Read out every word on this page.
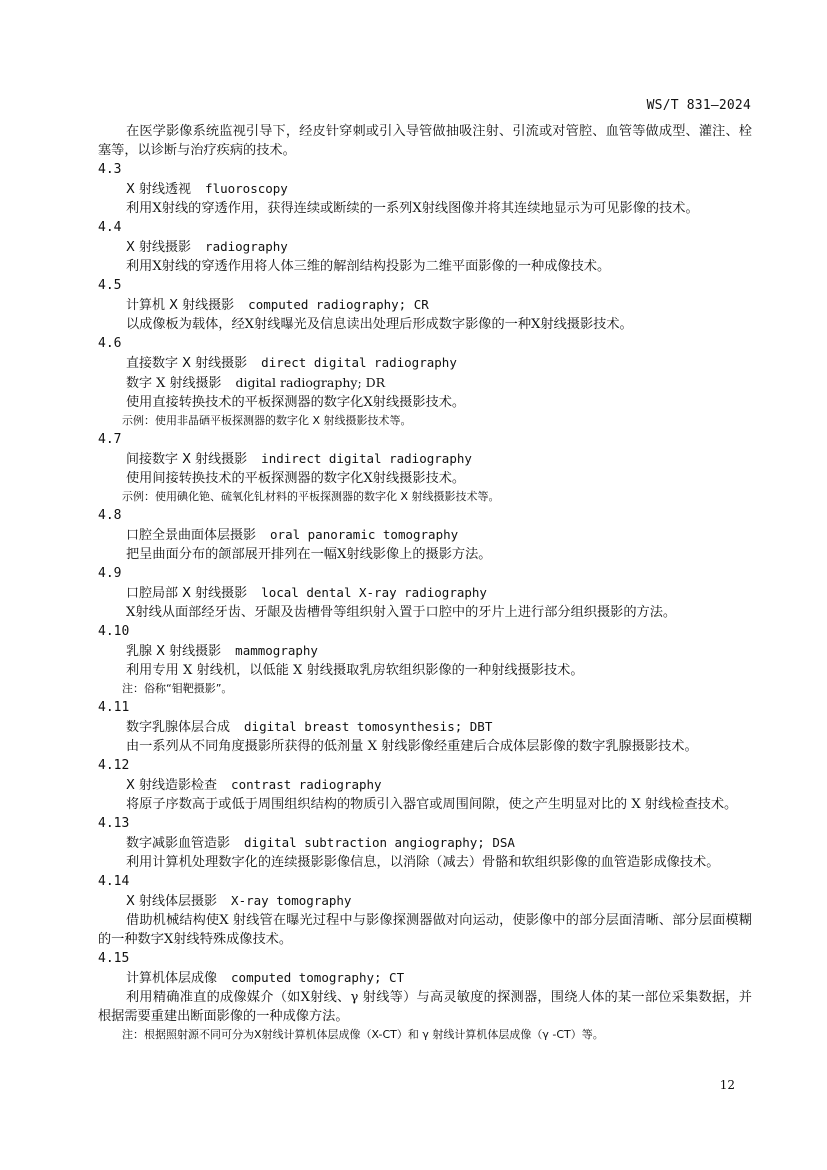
WS/T 831—2024

在医学影像系统监视引导下，经皮针穿刺或引入导管做抽吸注射、引流或对管腔、血管等做成型、灌注、栓塞等，以诊断与治疗疾病的技术。

4.3

X 射线透视 fluoroscopy

利用X射线的穿透作用，获得连续或断续的一系列X射线图像并将其连续地显示为可见影像的技术。

4.4

X 射线摄影 radiography

利用X射线的穿透作用将人体三维的解剖结构投影为二维平面影像的一种成像技术。

4.5

计算机 X 射线摄影 computed radiography; CR

以成像板为载体，经X射线曝光及信息读出处理后形成数字影像的一种X射线摄影技术。

4.6

直接数字 X 射线摄影 direct digital radiography

数字 X 射线摄影 digital radiography; DR

使用直接转换技术的平板探测器的数字化X射线摄影技术。

示例：使用非晶硒平板探测器的数字化 X 射线摄影技术等。

4.7

间接数字 X 射线摄影 indirect digital radiography

使用间接转换技术的平板探测器的数字化X射线摄影技术。

示例：使用碘化铯、硫氧化钆材料的平板探测器的数字化 X 射线摄影技术等。

4.8

口腔全景曲面体层摄影 oral panoramic tomography

把呈曲面分布的颌部展开排列在一幅X射线影像上的摄影方法。

4.9

口腔局部 X 射线摄影 local dental X-ray radiography

X射线从面部经牙齿、牙龈及齿槽骨等组织射入置于口腔中的牙片上进行部分组织摄影的方法。

4.10

乳腺 X 射线摄影 mammography

利用专用 X 射线机，以低能 X 射线摄取乳房软组织影像的一种射线摄影技术。

注：俗称“钼靶摄影”。

4.11

数字乳腺体层合成 digital breast tomosynthesis; DBT

由一系列从不同角度摄影所获得的低剂量 X 射线影像经重建后合成体层影像的数字乳腺摄影技术。

4.12

X 射线造影检查 contrast radiography

将原子序数高于或低于周围组织结构的物质引入器官或周围间隙，使之产生明显对比的 X 射线检查技术。

4.13

数字减影血管造影 digital subtraction angiography; DSA

利用计算机处理数字化的连续摄影影像信息，以消除（减去）骨骼和软组织影像的血管造影成像技术。

4.14

X 射线体层摄影 X-ray tomography

借助机械结构使X 射线管在曝光过程中与影像探测器做对向运动，使影像中的部分层面清晰、部分层面模糊的一种数字X射线特殊成像技术。

4.15

计算机体层成像 computed tomography; CT

利用精确准直的成像媒介（如X射线、γ 射线等）与高灵敏度的探测器，围绕人体的某一部位采集数据，并根据需要重建出断面影像的一种成像方法。

注：根据照射源不同可分为X射线计算机体层成像（X-CT）和 γ 射线计算机体层成像（γ -CT）等。

12
